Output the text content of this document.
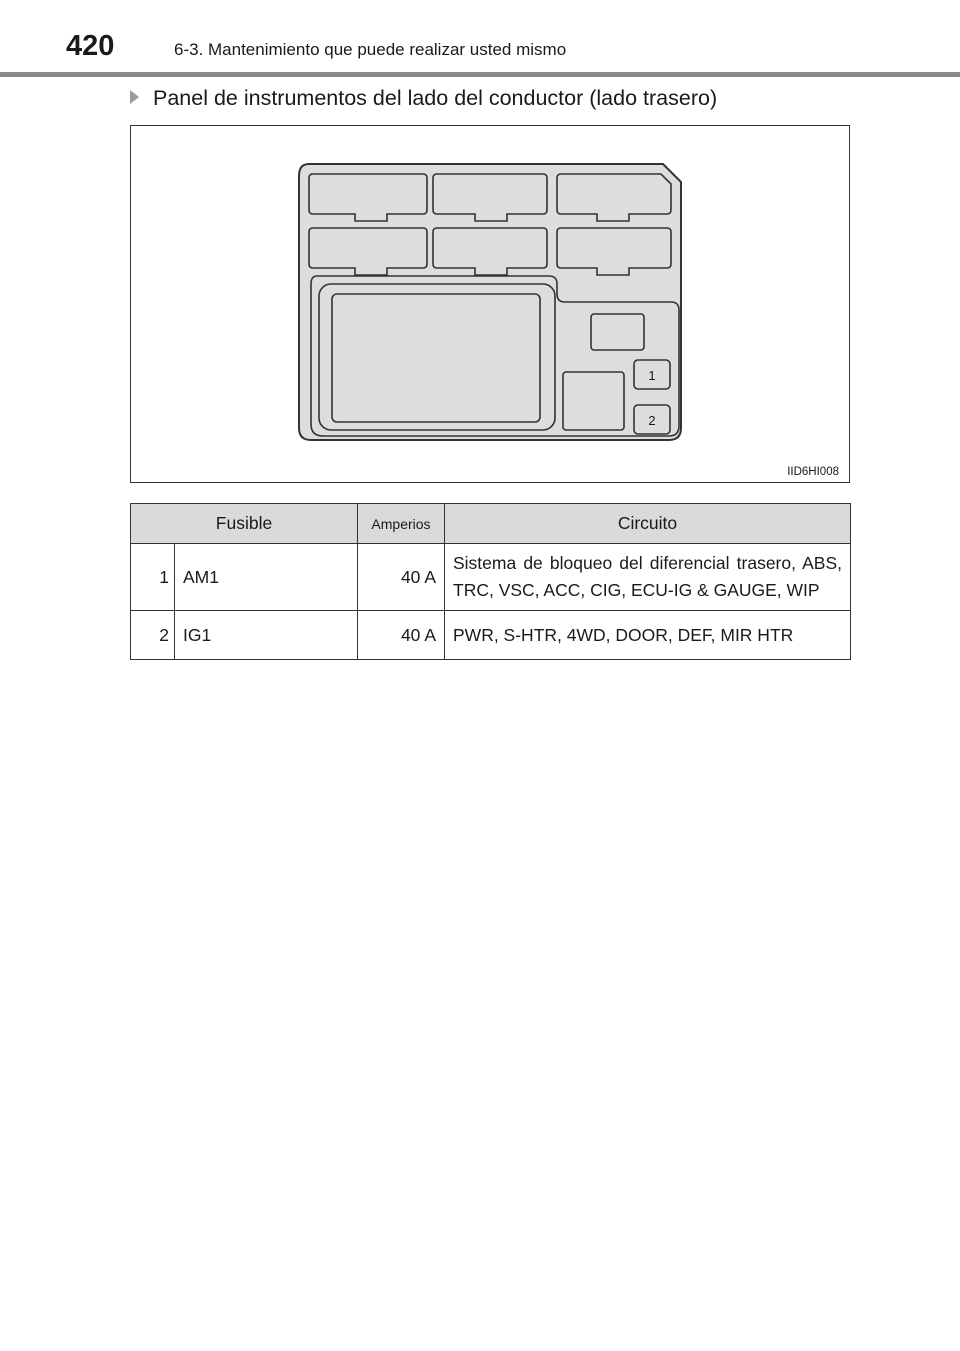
420	6-3. Mantenimiento que puede realizar usted mismo
Panel de instrumentos del lado del conductor (lado trasero)
1
2
IID6HI008
Fusible		Amperios	Circuito
1	AM1	40 A	Sistema de bloqueo del diferencial trasero, ABS, TRC, VSC, ACC, CIG, ECU-IG & GAUGE, WIP
2	IG1	40 A	PWR, S-HTR, 4WD, DOOR, DEF, MIR HTR
